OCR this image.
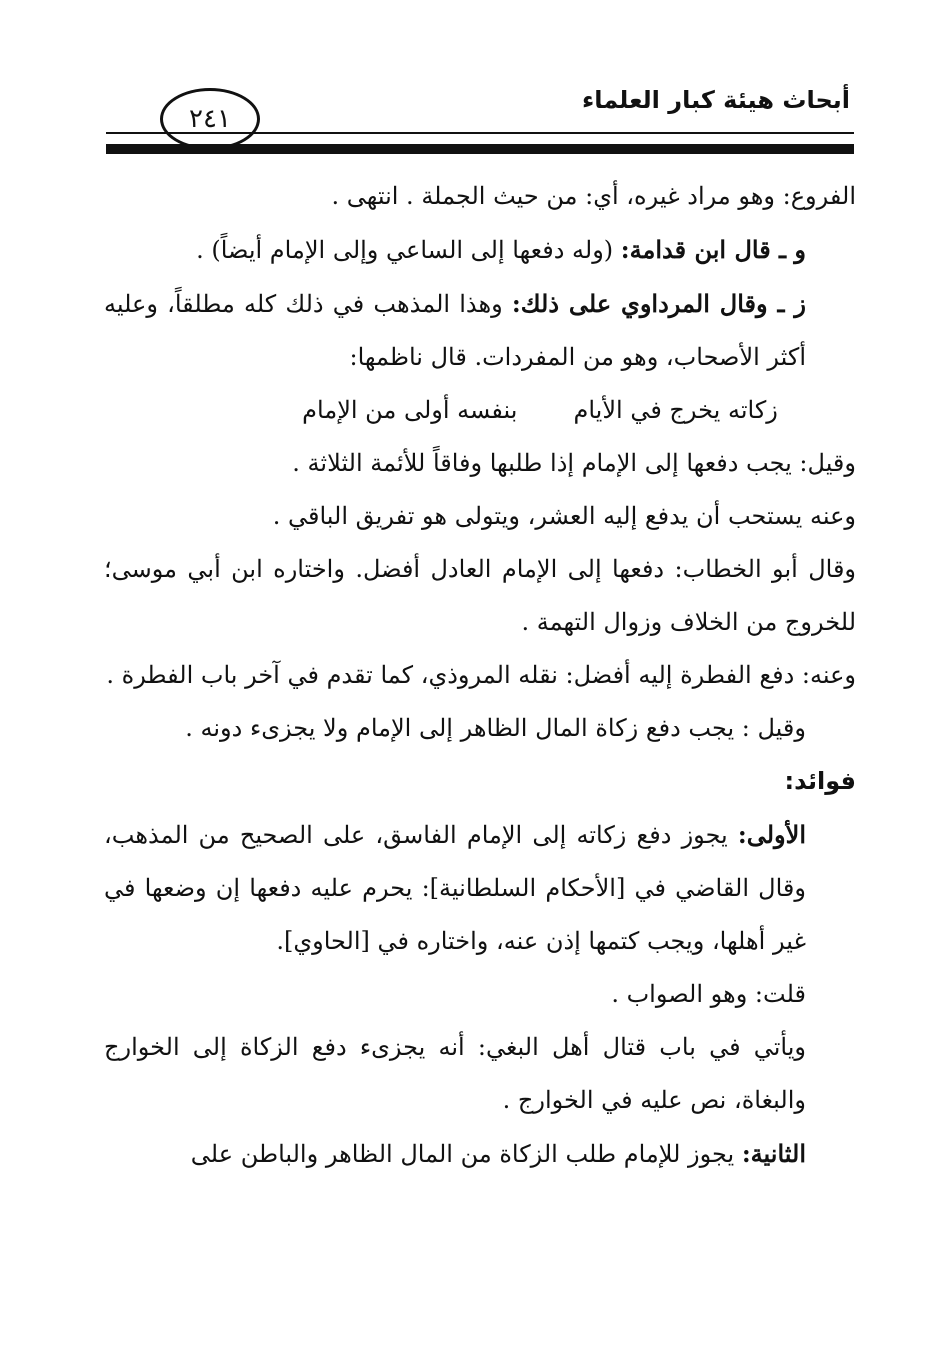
أبحاث هيئة كبار العلماء
٢٤١

الفروع: وهو مراد غيره، أي: من حيث الجملة . انتهى .

و ـ قال ابن قدامة: (وله دفعها إلى الساعي وإلى الإمام أيضاً) .

ز ـ وقال المرداوي على ذلك: وهذا المذهب في ذلك كله مطلقاً، وعليه أكثر الأصحاب، وهو من المفردات. قال ناظمها:

زكاته يخرج في الأيام
بنفسه أولى من الإمام

وقيل: يجب دفعها إلى الإمام إذا طلبها وفاقاً للأئمة الثلاثة .

وعنه يستحب أن يدفع إليه العشر، ويتولى هو تفريق الباقي .

وقال أبو الخطاب: دفعها إلى الإمام العادل أفضل. واختاره ابن أبي موسى؛ للخروج من الخلاف وزوال التهمة .

وعنه: دفع الفطرة إليه أفضل: نقله المروذي، كما تقدم في آخر باب الفطرة .

وقيل : يجب دفع زكاة المال الظاهر إلى الإمام ولا يجزىء دونه .

فوائد:

الأولى: يجوز دفع زكاته إلى الإمام الفاسق، على الصحيح من المذهب، وقال القاضي في [الأحكام السلطانية]: يحرم عليه دفعها إن وضعها في غير أهلها، ويجب كتمها إذن عنه، واختاره في [الحاوي].

قلت: وهو الصواب .

ويأتي في باب قتال أهل البغي: أنه يجزىء دفع الزكاة إلى الخوارج والبغاة، نص عليه في الخوارج .

الثانية: يجوز للإمام طلب الزكاة من المال الظاهر والباطن على
